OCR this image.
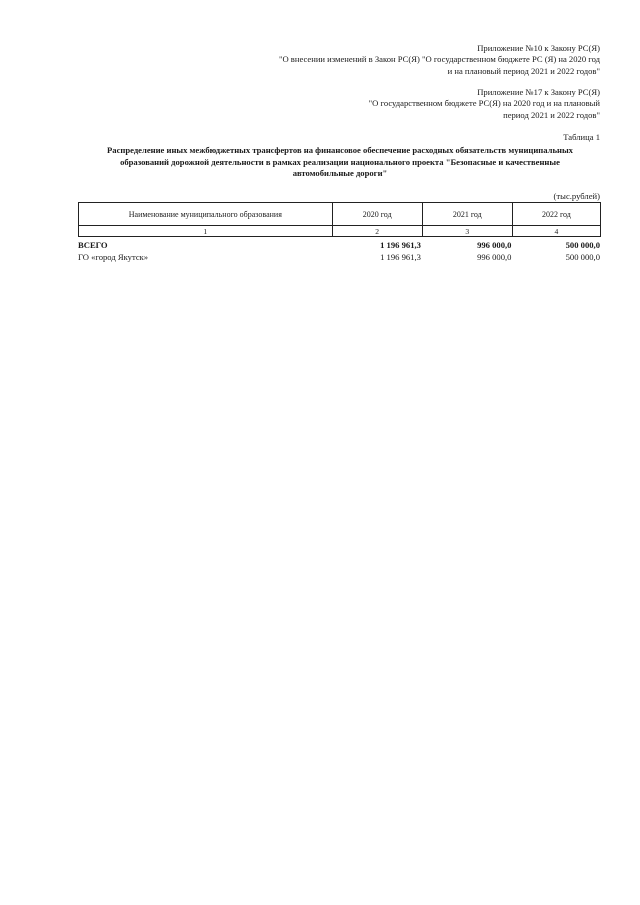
Приложение №10 к Закону РС(Я)
"О внесении изменений в Закон РС(Я) "О государственном бюджете РС (Я) на 2020 год
и на плановый период 2021 и 2022 годов"
Приложение №17 к Закону РС(Я)
"О государственном бюджете РС(Я) на 2020 год и на плановый
период 2021 и 2022 годов"
Таблица 1
Распределение иных межбюджетных трансфертов на финансовое обеспечение расходных обязательств муниципальных
образований дорожной деятельности в рамках реализации национального проекта "Безопасные и качественные
автомобильные дороги"
(тыс.рублей)
Наименование муниципального образования	2020 год	2021 год	2022 год
1	2	3	4
ВСЕГО	1 196 961,3	996 000,0	500 000,0
ГО «город Якутск»	1 196 961,3	996 000,0	500 000,0
